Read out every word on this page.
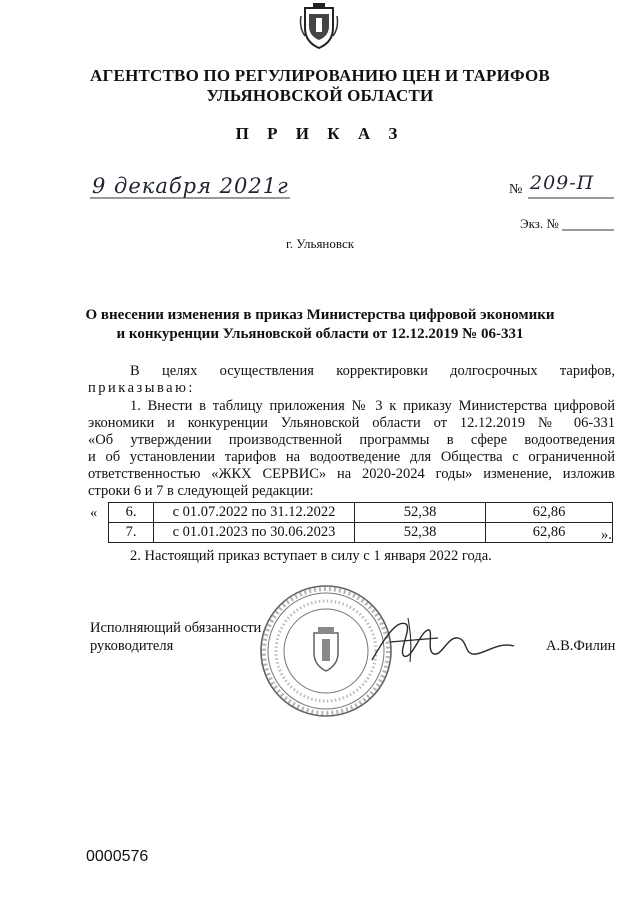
АГЕНТСТВО ПО РЕГУЛИРОВАНИЮ ЦЕН И ТАРИФОВ
УЛЬЯНОВСКОЙ ОБЛАСТИ
П Р И К А З
9 декабря 2021г	№ 209-П
Экз. №
г. Ульяновск
О внесении изменения в приказ Министерства цифровой экономики
и конкуренции Ульяновской области от 12.12.2019 № 06-331
В целях осуществления корректировки долгосрочных тарифов,
приказываю:
1. Внести в таблицу приложения № 3 к приказу Министерства цифровой
экономики и конкуренции Ульяновской области от 12.12.2019 № 06-331
«Об утверждении производственной программы в сфере водоотведения
и об установлении тарифов на водоотведение для Общества с ограниченной
ответственностью «ЖКХ СЕРВИС» на 2020-2024 годы» изменение, изложив
строки 6 и 7 в следующей редакции:
« 6.	с 01.07.2022 по 31.12.2022	52,38	62,86
7.	с 01.01.2023 по 30.06.2023	52,38	62,86 ».
2. Настоящий приказ вступает в силу с 1 января 2022 года.
Исполняющий обязанности
руководителя	А.В.Филин
0000576
